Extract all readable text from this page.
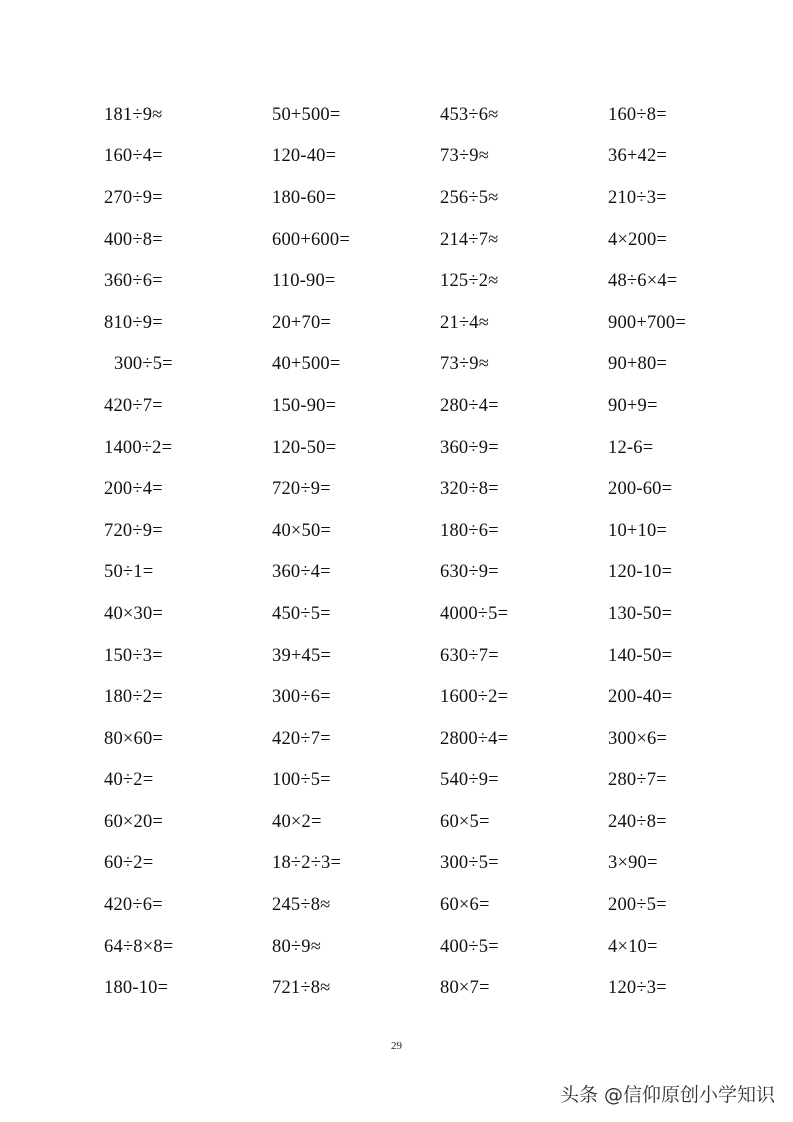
181÷9≈	50+500=	453÷6≈	160÷8=
160÷4=	120-40=	73÷9≈	36+42=
270÷9=	180-60=	256÷5≈	210÷3=
400÷8=	600+600=	214÷7≈	4×200=
360÷6=	110-90=	125÷2≈	48÷6×4=
810÷9=	20+70=	21÷4≈	900+700=
300÷5=	40+500=	73÷9≈	90+80=
420÷7=	150-90=	280÷4=	90+9=
1400÷2=	120-50=	360÷9=	12-6=
200÷4=	720÷9=	320÷8=	200-60=
720÷9=	40×50=	180÷6=	10+10=
50÷1=	360÷4=	630÷9=	120-10=
40×30=	450÷5=	4000÷5=	130-50=
150÷3=	39+45=	630÷7=	140-50=
180÷2=	300÷6=	1600÷2=	200-40=
80×60=	420÷7=	2800÷4=	300×6=
40÷2=	100÷5=	540÷9=	280÷7=
60×20=	40×2=	60×5=	240÷8=
60÷2=	18÷2÷3=	300÷5=	3×90=
420÷6=	245÷8≈	60×6=	200÷5=
64÷8×8=	80÷9≈	400÷5=	4×10=
180-10=	721÷8≈	80×7=	120÷3=
29
头条 @信仰原创小学知识
